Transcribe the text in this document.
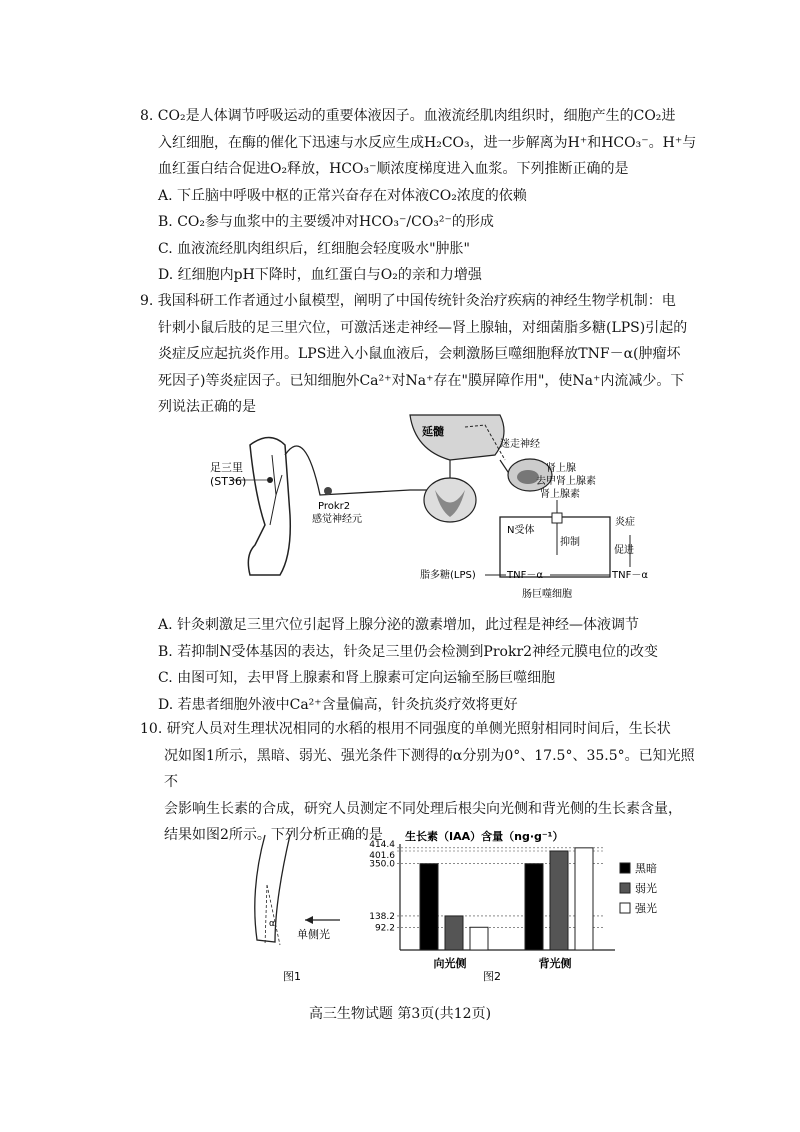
8. CO₂是人体调节呼吸运动的重要体液因子。血液流经肌肉组织时，细胞产生的CO₂进

入红细胞，在酶的催化下迅速与水反应生成H₂CO₃，进一步解离为H⁺和HCO₃⁻。H⁺与

血红蛋白结合促进O₂释放，HCO₃⁻顺浓度梯度进入血浆。下列推断正确的是

A. 下丘脑中呼吸中枢的正常兴奋存在对体液CO₂浓度的依赖

B. CO₂参与血浆中的主要缓冲对HCO₃⁻/CO₃²⁻的形成

C. 血液流经肌肉组织后，红细胞会轻度吸水"肿胀"

D. 红细胞内pH下降时，血红蛋白与O₂的亲和力增强

9. 我国科研工作者通过小鼠模型，阐明了中国传统针灸治疗疾病的神经生物学机制：电

针刺小鼠后肢的足三里穴位，可激活迷走神经—肾上腺轴，对细菌脂多糖(LPS)引起的

炎症反应起抗炎作用。LPS进入小鼠血液后，会刺激肠巨噬细胞释放TNF－α(肿瘤坏

死因子)等炎症因子。已知细胞外Ca²⁺对Na⁺存在"膜屏障作用"，使Na⁺内流减少。下

列说法正确的是

足三里
(ST36)
Prokr2
感觉神经元
延髓
迷走神经
肾上腺
去甲肾上腺素
肾上腺素
N受体
抑制
脂多糖(LPS)	TNF－α	TNF－α
炎症
促进
肠巨噬细胞

A. 针灸刺激足三里穴位引起肾上腺分泌的激素增加，此过程是神经—体液调节

B. 若抑制N受体基因的表达，针灸足三里仍会检测到Prokr2神经元膜电位的改变

C. 由图可知，去甲肾上腺素和肾上腺素可定向运输至肠巨噬细胞

D. 若患者细胞外液中Ca²⁺含量偏高，针灸抗炎疗效将更好

10. 研究人员对生理状况相同的水稻的根用不同强度的单侧光照射相同时间后，生长状

况如图1所示，黑暗、弱光、强光条件下测得的α分别为0°、17.5°、35.5°。已知光照不

会影响生长素的合成，研究人员测定不同处理后根尖向光侧和背光侧的生长素含量，

结果如图2所示。下列分析正确的是

α
单侧光
图1
生长素（IAA）含量（ng·g⁻¹）
414.4
401.6
350.0
138.2
92.2
向光侧	背光侧
黑暗
弱光
强光
图2
高三生物试题 第3页(共12页)
